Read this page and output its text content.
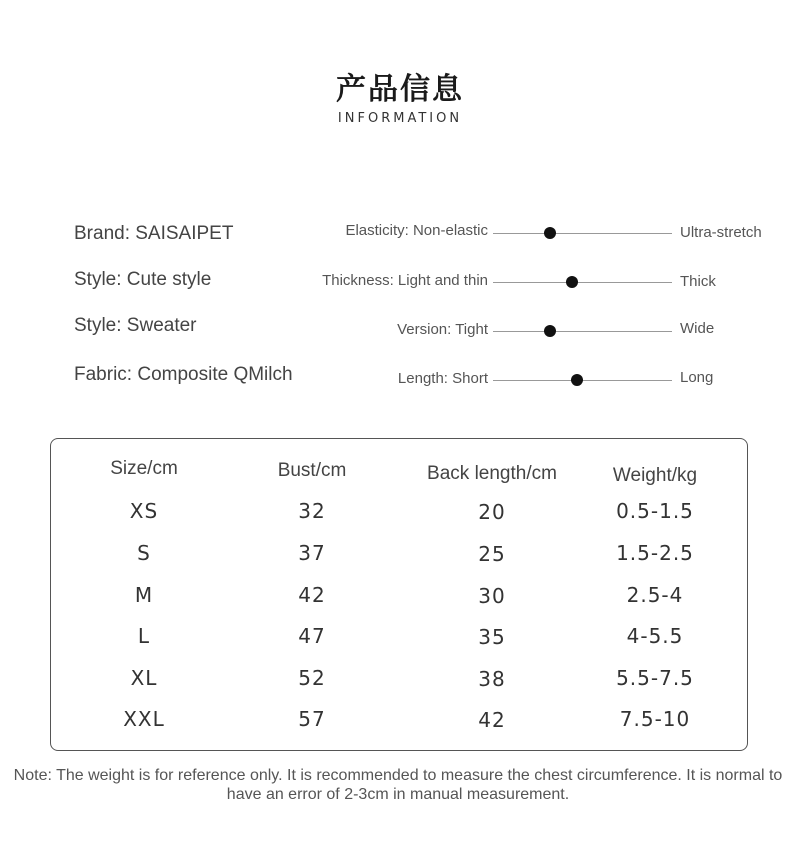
产品信息
INFORMATION
Brand: SAISAIPET
Style: Cute style
Style: Sweater
Fabric: Composite QMilch
Elasticity: Non-elastic	Ultra-stretch
Thickness: Light and thin	Thick
Version: Tight	Wide
Length: Short	Long
Size/cm	Bust/cm	Back length/cm	Weight/kg
XS	32	20	0.5-1.5
S	37	25	1.5-2.5
M	42	30	2.5-4
L	47	35	4-5.5
XL	52	38	5.5-7.5
XXL	57	42	7.5-10
Note: The weight is for reference only. It is recommended to measure the chest circumference. It is normal to have an error of 2-3cm in manual measurement.
